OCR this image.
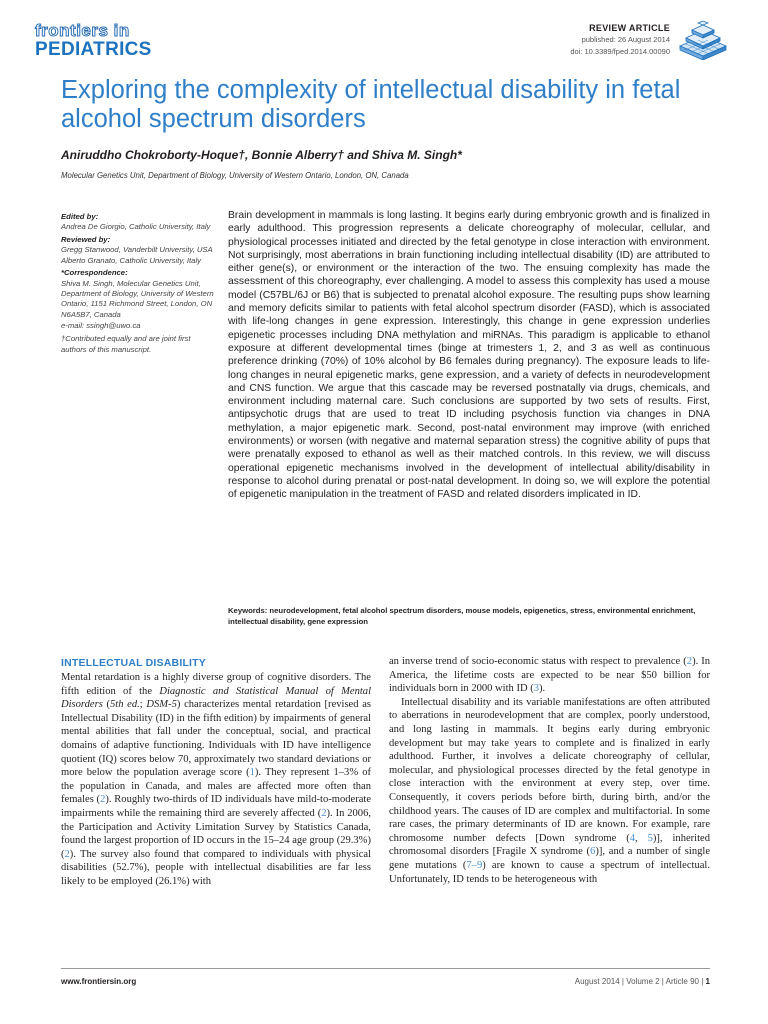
frontiers in
PEDIATRICS
REVIEW ARTICLE
published: 26 August 2014
doi: 10.3389/fped.2014.00090
Exploring the complexity of intellectual disability in fetal alcohol spectrum disorders
Aniruddho Chokroborty-Hoque†, Bonnie Alberry† and Shiva M. Singh*
Molecular Genetics Unit, Department of Biology, University of Western Ontario, London, ON, Canada
Edited by:

Andrea De Giorgio, Catholic University, Italy

Reviewed by:

Gregg Stanwood, Vanderbilt University, USA

Alberto Granato, Catholic University, Italy

*Correspondence:

Shiva M. Singh, Molecular Genetics Unit, Department of Biology, University of Western Ontario, 1151 Richmond Street, London, ON N6A5B7, Canada

e-mail: ssingh@uwo.ca

†Contributed equally and are joint first authors of this manuscript.

Brain development in mammals is long lasting. It begins early during embryonic growth and is finalized in early adulthood. This progression represents a delicate choreography of molecular, cellular, and physiological processes initiated and directed by the fetal genotype in close interaction with environment. Not surprisingly, most aberrations in brain functioning including intellectual disability (ID) are attributed to either gene(s), or environment or the interaction of the two. The ensuing complexity has made the assessment of this choreography, ever challenging. A model to assess this complexity has used a mouse model (C57BL/6J or B6) that is subjected to prenatal alcohol exposure. The resulting pups show learning and memory deficits similar to patients with fetal alcohol spectrum disorder (FASD), which is associated with life-long changes in gene expression. Interestingly, this change in gene expression underlies epigenetic processes including DNA methylation and miRNAs. This paradigm is applicable to ethanol exposure at different developmental times (binge at trimesters 1, 2, and 3 as well as continuous preference drinking (70%) of 10% alcohol by B6 females during pregnancy). The exposure leads to life-long changes in neural epigenetic marks, gene expression, and a variety of defects in neurodevelopment and CNS function. We argue that this cascade may be reversed postnatally via drugs, chemicals, and environment including maternal care. Such conclusions are supported by two sets of results. First, antipsychotic drugs that are used to treat ID including psychosis function via changes in DNA methylation, a major epigenetic mark. Second, post-natal environment may improve (with enriched environments) or worsen (with negative and maternal separation stress) the cognitive ability of pups that were prenatally exposed to ethanol as well as their matched controls. In this review, we will discuss operational epigenetic mechanisms involved in the development of intellectual ability/disability in response to alcohol during prenatal or post-natal development. In doing so, we will explore the potential of epigenetic manipulation in the treatment of FASD and related disorders implicated in ID.

Keywords: neurodevelopment, fetal alcohol spectrum disorders, mouse models, epigenetics, stress, environmental enrichment, intellectual disability, gene expression
INTELLECTUAL DISABILITY

Mental retardation is a highly diverse group of cognitive disorders. The fifth edition of the Diagnostic and Statistical Manual of Mental Disorders (5th ed.; DSM-5) characterizes mental retardation [revised as Intellectual Disability (ID) in the fifth edition) by impairments of general mental abilities that fall under the conceptual, social, and practical domains of adaptive functioning. Individuals with ID have intelligence quotient (IQ) scores below 70, approximately two standard deviations or more below the population average score (1). They represent 1–3% of the population in Canada, and males are affected more often than females (2). Roughly two-thirds of ID individuals have mild-to-moderate impairments while the remaining third are severely affected (2). In 2006, the Participation and Activity Limitation Survey by Statistics Canada, found the largest proportion of ID occurs in the 15–24 age group (29.3%) (2). The survey also found that compared to individuals with physical disabilities (52.7%), people with intellectual disabilities are far less likely to be employed (26.1%) with

an inverse trend of socio-economic status with respect to prevalence (2). In America, the lifetime costs are expected to be near $50 billion for individuals born in 2000 with ID (3).

Intellectual disability and its variable manifestations are often attributed to aberrations in neurodevelopment that are complex, poorly understood, and long lasting in mammals. It begins early during embryonic development but may take years to complete and is finalized in early adulthood. Further, it involves a delicate choreography of cellular, molecular, and physiological processes directed by the fetal genotype in close interaction with the environment at every step, over time. Consequently, it covers periods before birth, during birth, and/or the childhood years. The causes of ID are complex and multifactorial. In some rare cases, the primary determinants of ID are known. For example, rare chromosome number defects [Down syndrome (4, 5)], inherited chromosomal disorders [Fragile X syndrome (6)], and a number of single gene mutations (7–9) are known to cause a spectrum of intellectual. Unfortunately, ID tends to be heterogeneous with

www.frontiersin.org	August 2014 | Volume 2 | Article 90 | 1
